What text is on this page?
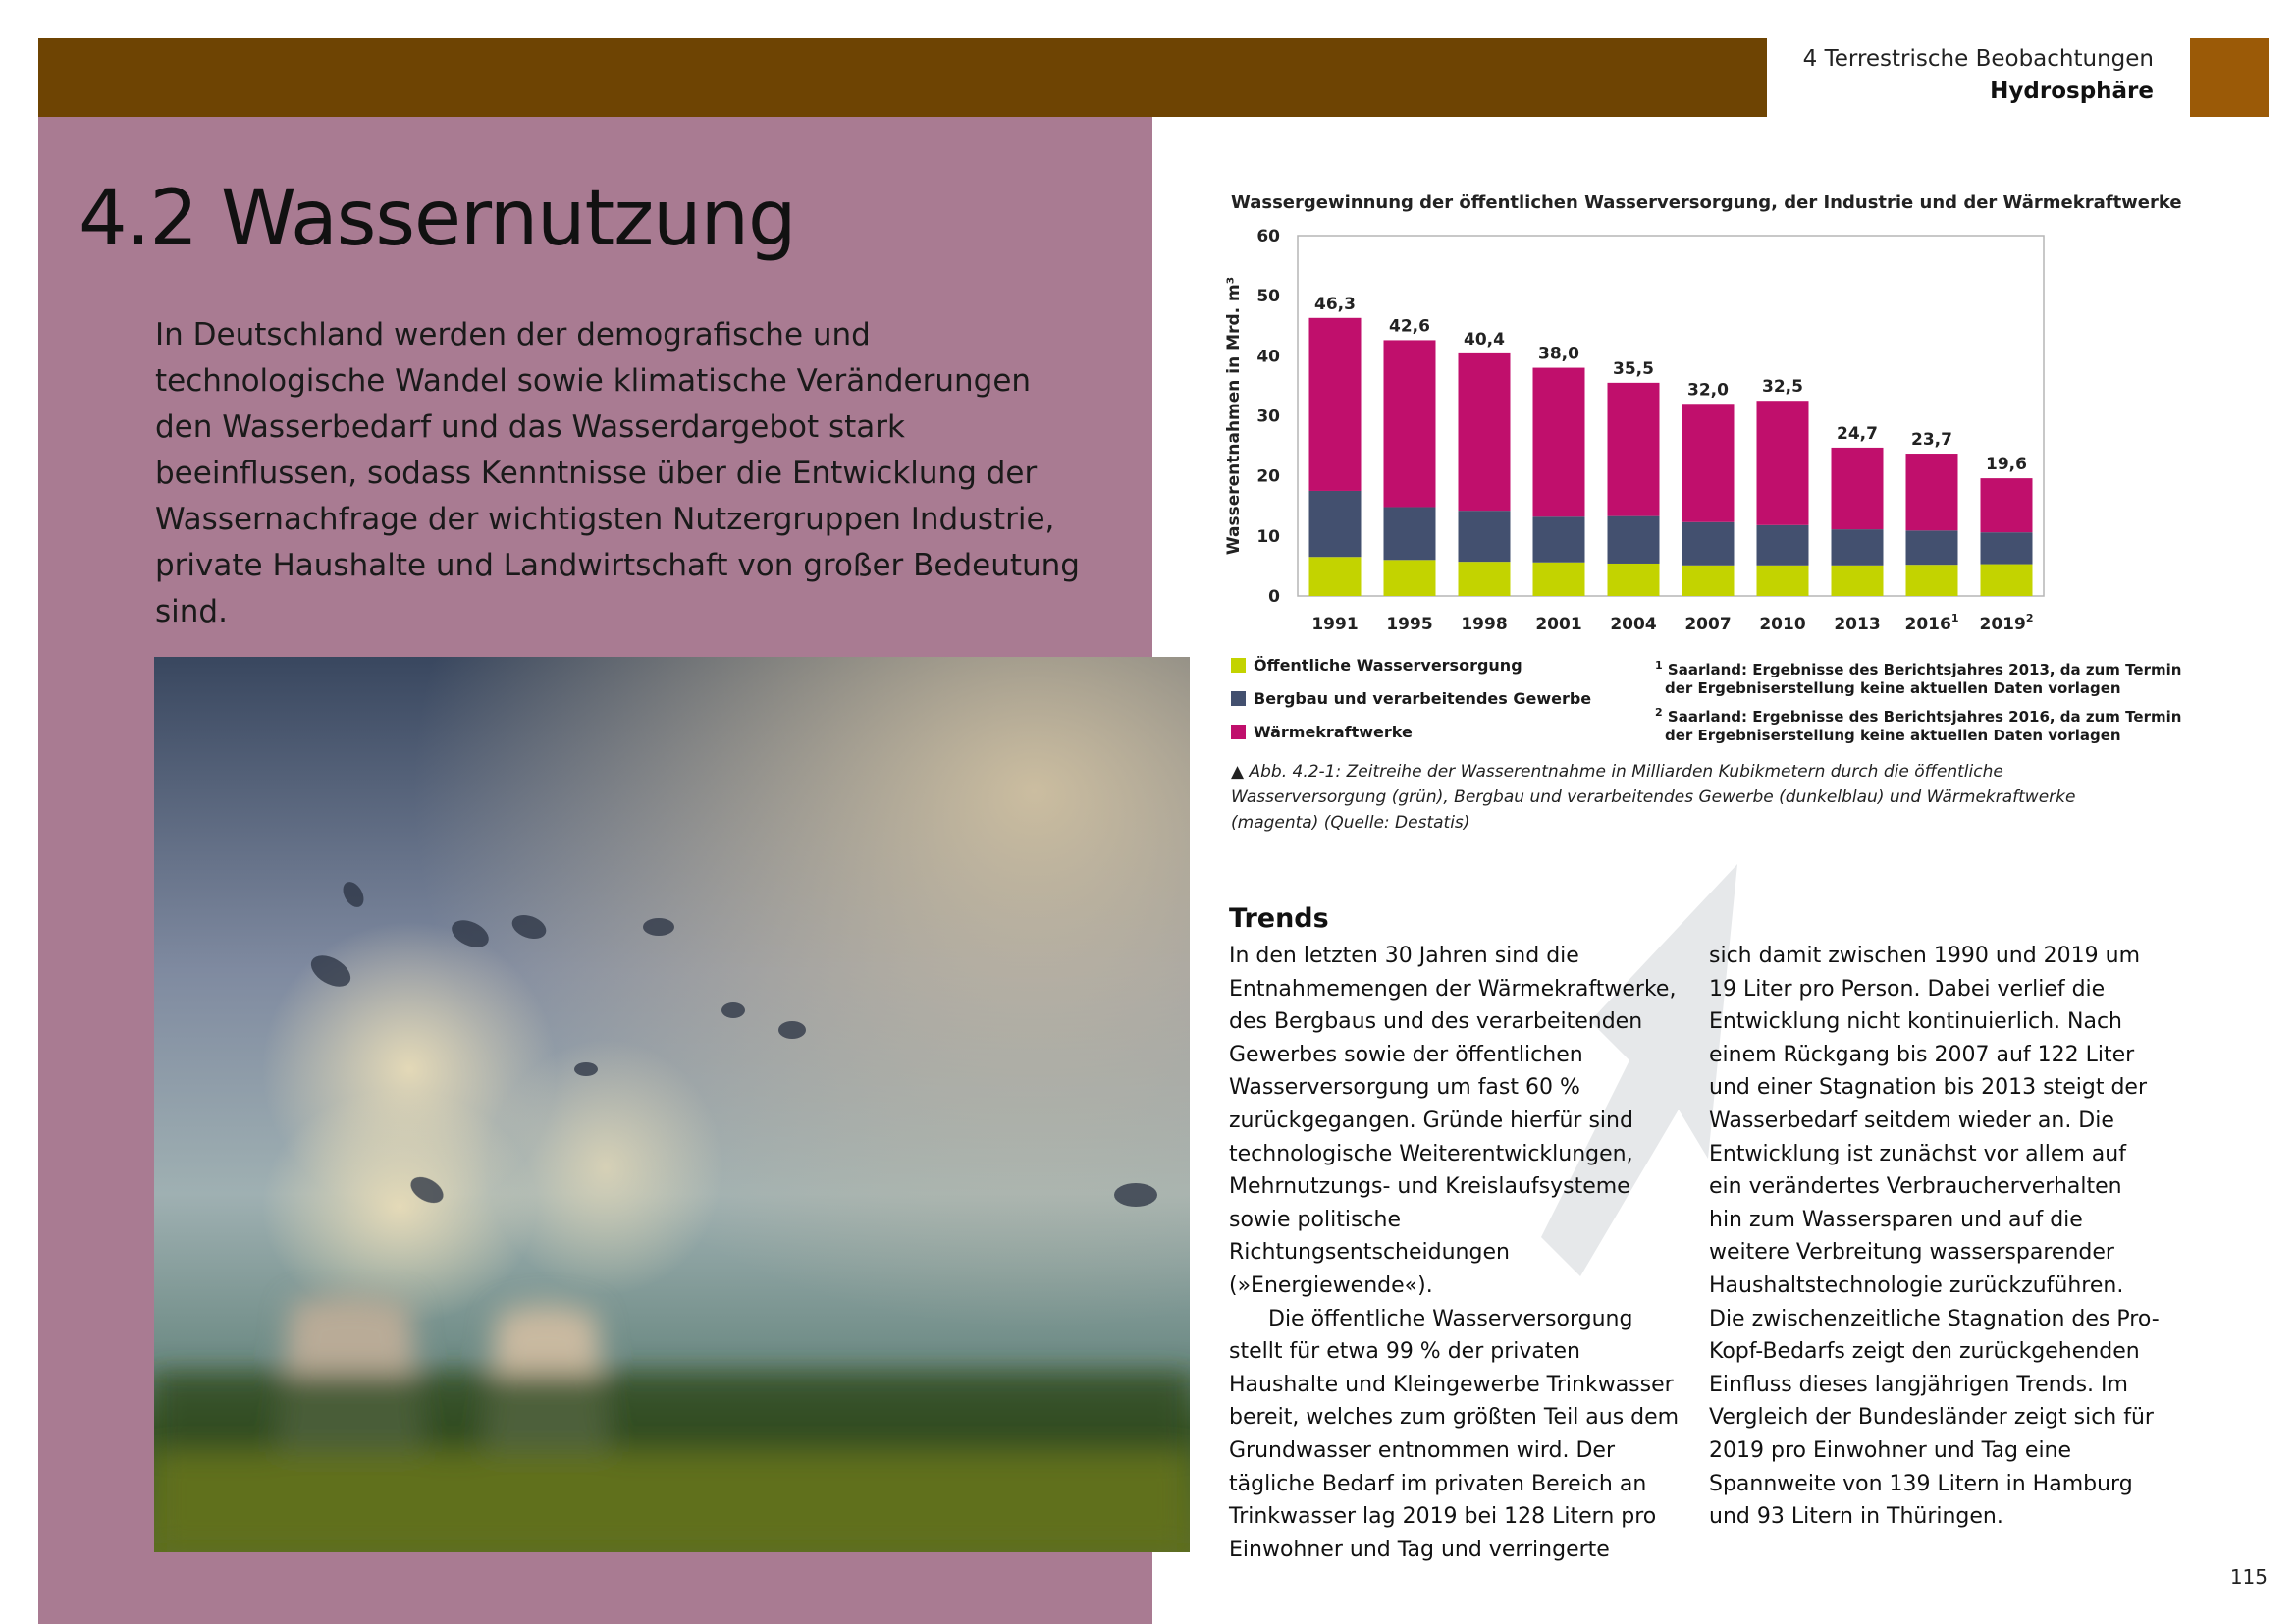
4 Terrestrische Beobachtungen
Hydrosphäre
4.2 Wassernutzung

In Deutschland werden der demografische und technologische Wandel sowie klimatische Veränderungen den Wasserbedarf und das Wasserdargebot stark beeinflussen, sodass Kenntnisse über die Entwicklung der Wassernachfrage der wichtigsten Nutzergruppen Industrie, private Haushalte und Landwirtschaft von großer Bedeutung sind.

Wassergewinnung der öffentlichen Wasserversorgung, der Industrie und der Wärmekraftwerke
0
10
20
30
40
50
60
Wasserentnahmen in Mrd. m³	46,3
1991
42,6
1995
40,4
1998
38,0
2001
35,5
2004
32,0
2007
32,5
2010
24,7
2013
23,7
2016$^1$
19,6
2019$^2$
Öffentliche Wasserversorgung
Bergbau und verarbeitendes Gewerbe
Wärmekraftwerke
$^1$ Saarland: Ergebnisse des Berichtsjahres 2013, da zum Termin
der Ergebniserstellung keine aktuellen Daten vorlagen
$^2$ Saarland: Ergebnisse des Berichtsjahres 2016, da zum Termin
der Ergebniserstellung keine aktuellen Daten vorlagen
▲ Abb. 4.2-1: Zeitreihe der Wasserentnahme in Milliarden Kubikmetern durch die öffentliche Wasserversorgung (grün), Bergbau und verarbeitendes Gewerbe (dunkelblau) und Wärmekraftwerke (magenta) (Quelle: Destatis)
Trends

In den letzten 30 Jahren sind die Entnahmemengen der Wärmekraftwerke, des Bergbaus und des verarbeitenden Gewerbes sowie der öffentlichen Wasserversorgung um fast 60 % zurückgegangen. Gründe hierfür sind technologische Weiterentwicklungen, Mehrnutzungs- und Kreislaufsysteme sowie politische Richtungsentscheidungen (»Energiewende«).

Die öffentliche Wasserversorgung stellt für etwa 99 % der privaten Haushalte und Kleingewerbe Trinkwasser bereit, welches zum größten Teil aus dem Grundwasser entnommen wird. Der tägliche Bedarf im privaten Bereich an Trinkwasser lag 2019 bei 128 Litern pro Einwohner und Tag und verringerte

sich damit zwischen 1990 und 2019 um 19 Liter pro Person. Dabei verlief die Entwicklung nicht kontinuierlich. Nach einem Rückgang bis 2007 auf 122 Liter und einer Stagnation bis 2013 steigt der Wasserbedarf seitdem wieder an. Die Entwicklung ist zunächst vor allem auf ein verändertes Verbraucherverhalten hin zum Wassersparen und auf die weitere Verbreitung wassersparender Haushaltstechnologie zurückzuführen. Die zwischenzeitliche Stagnation des Pro-Kopf-Bedarfs zeigt den zurückgehenden Einfluss dieses langjährigen Trends. Im Vergleich der Bundesländer zeigt sich für 2019 pro Einwohner und Tag eine Spannweite von 139 Litern in Hamburg und 93 Litern in Thüringen.

115
